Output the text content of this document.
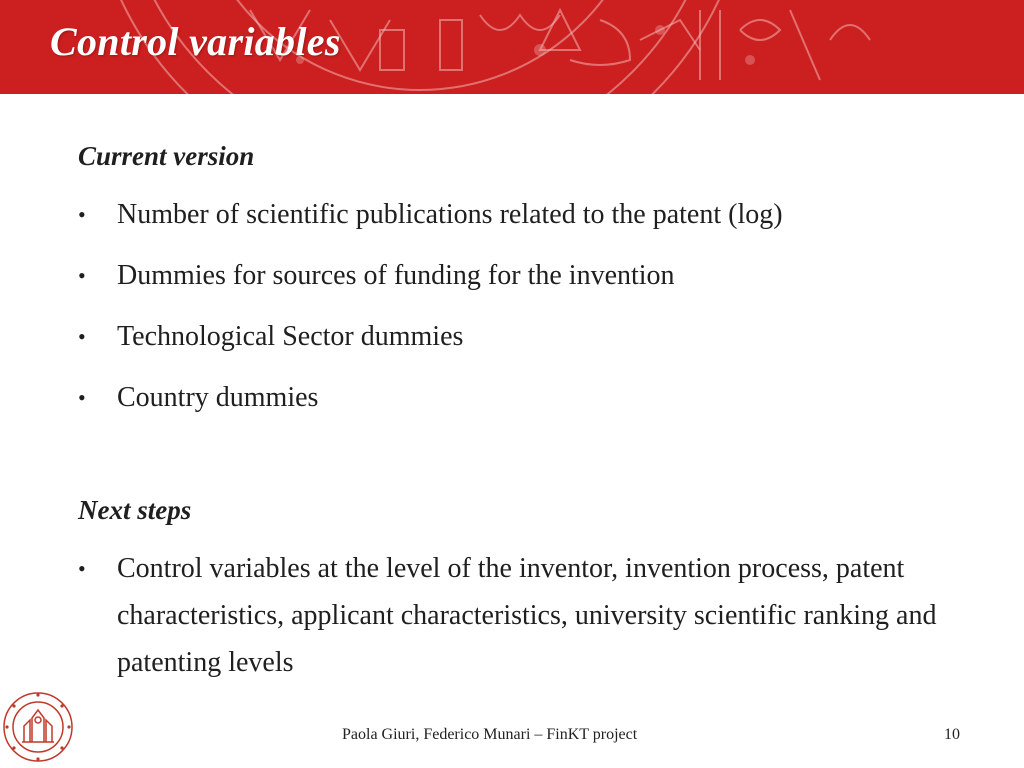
Control variables
Current version
•	Number of scientific publications related to the patent (log)
•	Dummies for sources of funding for the invention
•	Technological Sector dummies
•	Country dummies
Next steps
•	Control variables at the level of the inventor, invention process, patent characteristics, applicant characteristics, university scientific ranking and patenting levels
Paola Giuri, Federico Munari – FinKT project	10
